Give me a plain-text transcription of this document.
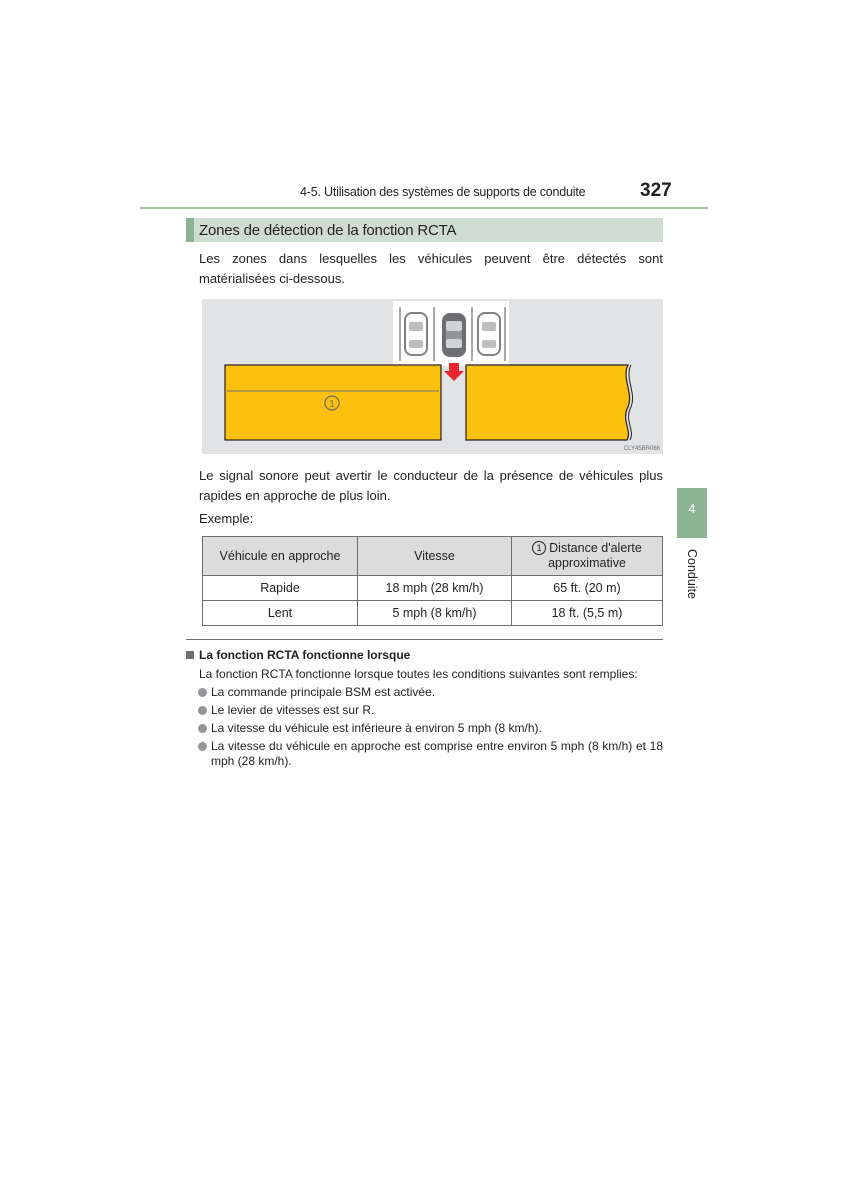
4-5. Utilisation des systèmes de supports de conduite	327
Zones de détection de la fonction RCTA
Les zones dans lesquelles les véhicules peuvent être détectés sont matérialisées ci-dessous.
1
CLY45BR066
Le signal sonore peut avertir le conducteur de la présence de véhicules plus rapides en approche de plus loin.
Exemple:
Véhicule en approche	Vitesse	1 Distance d'alerte approximative
Rapide	18 mph (28 km/h)	65 ft. (20 m)
Lent	5 mph (8 km/h)	18 ft. (5,5 m)
La fonction RCTA fonctionne lorsque
La fonction RCTA fonctionne lorsque toutes les conditions suivantes sont remplies:
La commande principale BSM est activée.
Le levier de vitesses est sur R.
La vitesse du véhicule est inférieure à environ 5 mph (8 km/h).
La vitesse du véhicule en approche est comprise entre environ 5 mph (8 km/h) et 18 mph (28 km/h).
4
Conduite
